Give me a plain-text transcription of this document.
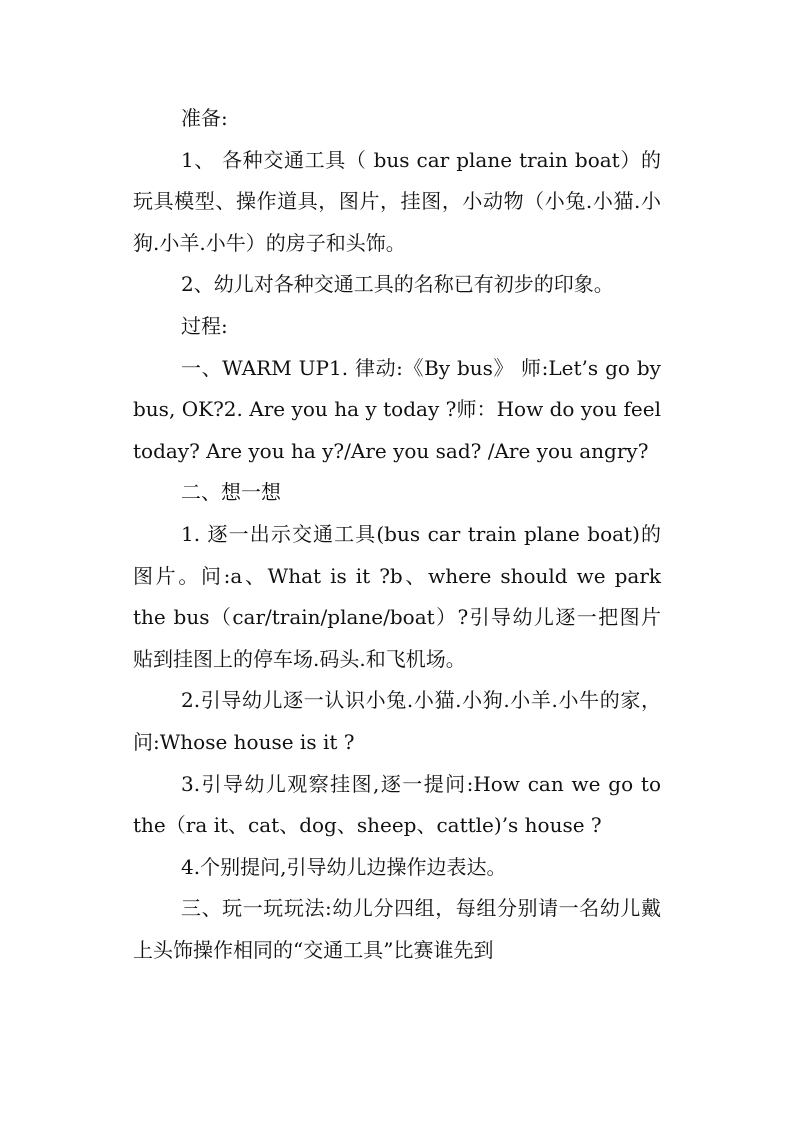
准备:

1、 各种交通工具（ bus car plane train boat）的玩具模型、操作道具，图片，挂图，小动物（小兔.小猫.小狗.小羊.小牛）的房子和头饰。

2、幼儿对各种交通工具的名称已有初步的印象。

过程:

一、WARM UP1. 律动:《By bus》 师:Let’s go by bus, OK?2. Are you ha y today ?师：How do you feel today? Are you ha y?/Are you sad? /Are you angry?

二、想一想

1. 逐一出示交通工具(bus car train plane boat)的图片。问:a、What is it ?b、where should we park the bus（car/train/plane/boat）?引导幼儿逐一把图片贴到挂图上的停车场.码头.和飞机场。

2.引导幼儿逐一认识小兔.小猫.小狗.小羊.小牛的家，问:Whose house is it ?

3.引导幼儿观察挂图,逐一提问:How can we go to the（ra it、cat、dog、sheep、cattle)’s house ?

4.个别提问,引导幼儿边操作边表达。

三、玩一玩玩法:幼儿分四组，每组分别请一名幼儿戴上头饰操作相同的“交通工具”比赛谁先到
